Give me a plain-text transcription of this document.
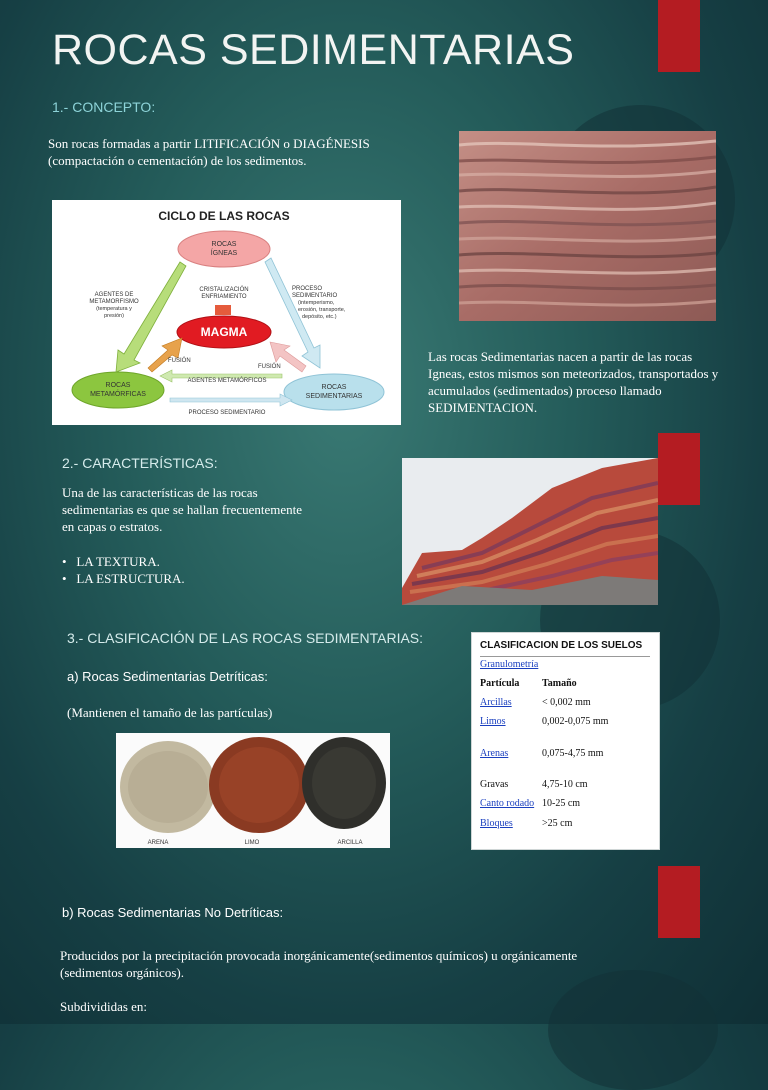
ROCAS SEDIMENTARIAS
1.- CONCEPTO:
Son rocas formadas a partir LITIFICACIÓN o DIAGÉNESIS
(compactación o cementación) de los sedimentos.
CICLO DE LAS ROCAS
ROCAS
ÍGNEAS
MAGMA
CRISTALIZACIÓN
ENFRIAMIENTO
ROCAS
METAMÓRFICAS
ROCAS
SEDIMENTARIAS
AGENTES DE
METAMORFISMO
(temperatura y
presión)
PROCESO
SEDIMENTARIO
(intemperismo,
erosión, transporte,
depósito, etc.)
FUSIÓN
FUSIÓN
AGENTES METAMÓRFICOS
PROCESO SEDIMENTARIO
Las rocas Sedimentarias nacen a partir de las rocas
Igneas, estos mismos son meteorizados, transportados y
acumulados (sedimentados) proceso llamado
SEDIMENTACION.
2.- CARACTERÍSTICAS:
Una de las características de las rocas
sedimentarias es que se hallan frecuentemente
en capas o estratos.
•   LA TEXTURA.
•   LA ESTRUCTURA.
3.- CLASIFICACIÓN DE LAS ROCAS SEDIMENTARIAS:
a) Rocas Sedimentarias Detríticas:
(Mantienen el tamaño de las partículas)
ARENA	LIMO	ARCILLA
CLASIFICACION DE LOS SUELOS
Granulometría
Partícula Tamaño
Arcillas	< 0,002 mm
Limos	0,002-0,075 mm
Arenas	0,075-4,75 mm
Gravas	4,75-10 cm
Canto rodado 10-25 cm
Bloques	>25 cm
b) Rocas Sedimentarias No Detríticas:
Producidos por la precipitación provocada inorgánicamente(sedimentos químicos) u orgánicamente
(sedimentos orgánicos).
Subdivididas en:
